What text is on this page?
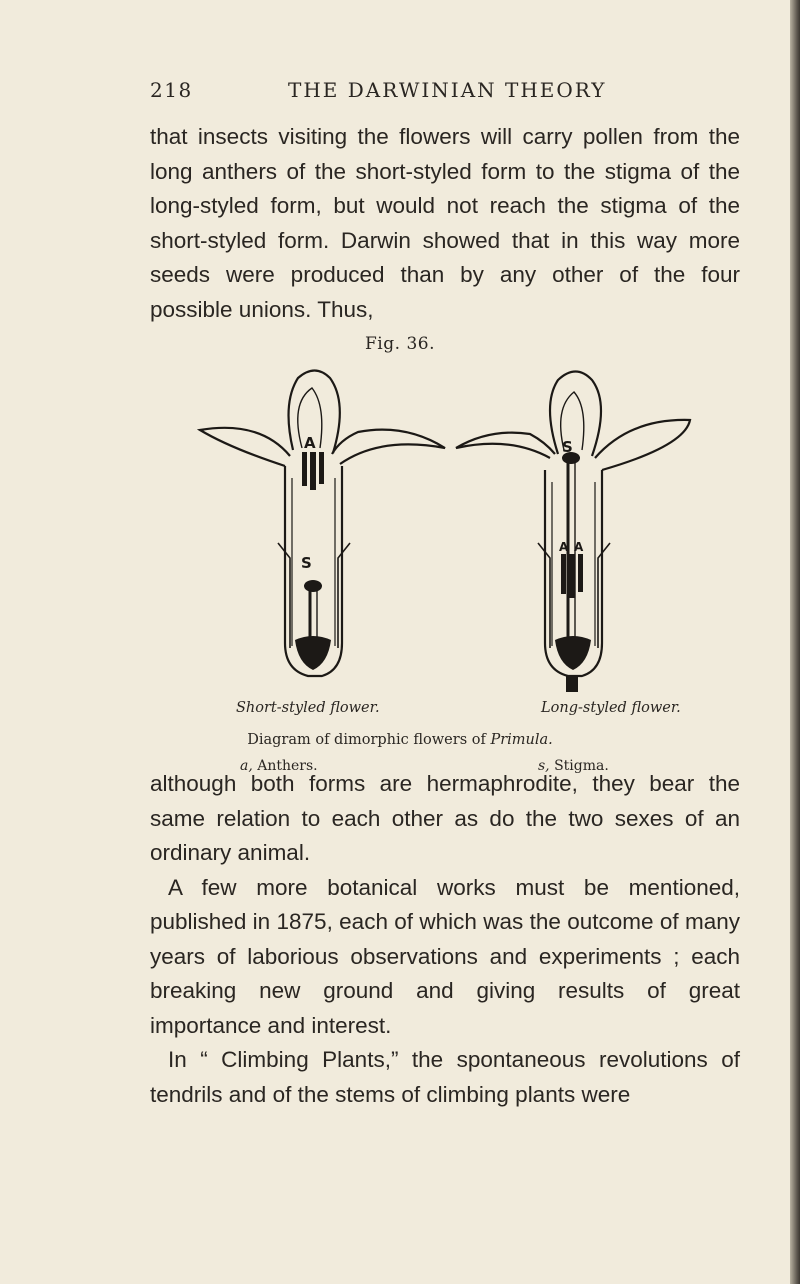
218	THE DARWINIAN THEORY

that insects visiting the flowers will carry pollen from the long anthers of the short-styled form to the stigma of the long-styled form, but would not reach the stigma of the short-styled form. Darwin showed that in this way more seeds were produced than by any other of the four possible unions. Thus,

Fig. 36.
A
S
S
A A
Short-styled flower.	Long-styled flower.
Diagram of dimorphic flowers of Primula.
a, Anthers.	s, Stigma.

although both forms are hermaphrodite, they bear the same relation to each other as do the two sexes of an ordinary animal.

A few more botanical works must be mentioned, published in 1875, each of which was the outcome of many years of laborious observations and experiments ; each breaking new ground and giving results of great importance and interest.

In “ Climbing Plants,” the spontaneous revolutions of tendrils and of the stems of climbing plants were
